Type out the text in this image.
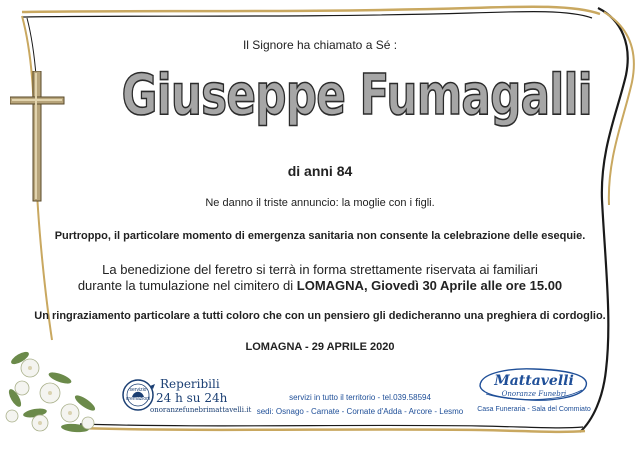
Il Signore ha chiamato a Sé :
Giuseppe Fumagalli
di anni 84
Ne danno il triste annuncio: la moglie con i figli.
Purtroppo, il particolare momento di emergenza sanitaria non consente la celebrazione delle esequie.
La benedizione del feretro si terrà in forma strettamente riservata ai familiari
durante la tumulazione nel cimitero di LOMAGNA, Giovedì 30 Aprile alle ore 15.00
Un ringraziamento particolare a tutti coloro che con un pensiero gli dedicheranno una preghiera di cordoglio.
LOMAGNA - 29 APRILE 2020
servizio
cremazioni
Reperibili
24 h su 24h
onoranzefunebrimattavelli.it
servizi in tutto il territorio - tel.039.58594
sedi: Osnago - Carnate - Cornate d'Adda - Arcore - Lesmo
Mattavelli
Onoranze Funebri
Casa Funeraria - Sala del Commiato
